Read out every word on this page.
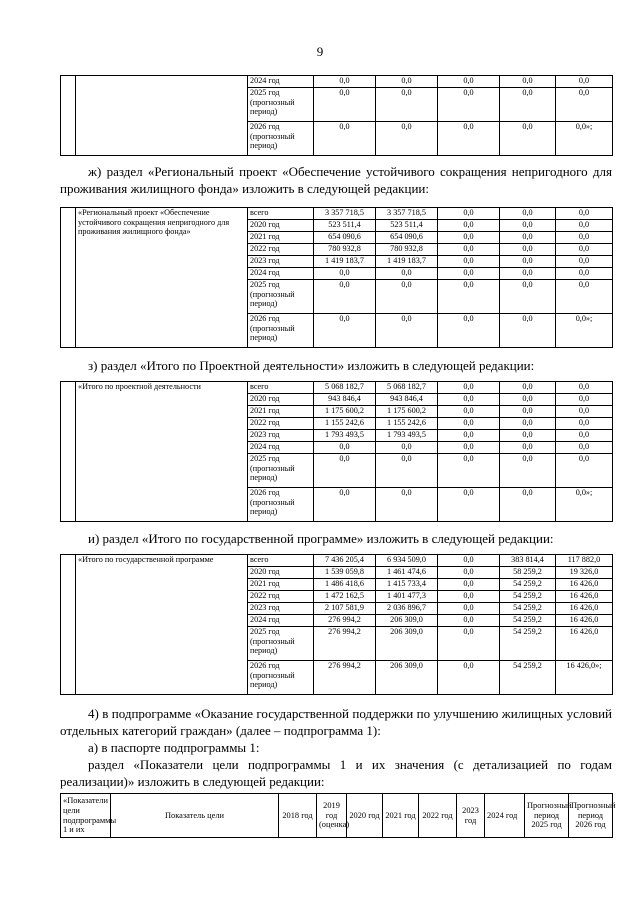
9
		2024 год	0,0	0,0	0,0	0,0	0,0
		2025 год (прогнозный период)	0,0	0,0	0,0	0,0	0,0
		2026 год (прогнозный период)	0,0	0,0	0,0	0,0	0,0»;
ж) раздел «Региональный проект «Обеспечение устойчивого сокращения непригодного для проживания жилищного фонда» изложить в следующей редакции:
	«Региональный проект «Обеспечение устойчивого сокращения непригодного для проживания жилищного фонда»	всего	3 357 718,5	3 357 718,5	0,0	0,0	0,0
		2020 год	523 511,4	523 511,4	0,0	0,0	0,0
		2021 год	654 090,6	654 090,6	0,0	0,0	0,0
		2022 год	780 932,8	780 932,8	0,0	0,0	0,0
		2023 год	1 419 183,7	1 419 183,7	0,0	0,0	0,0
		2024 год	0,0	0,0	0,0	0,0	0,0
		2025 год (прогнозный период)	0,0	0,0	0,0	0,0	0,0
		2026 год (прогнозный период)	0,0	0,0	0,0	0,0	0,0»;
з) раздел «Итого по Проектной деятельности» изложить в следующей редакции:
	«Итого по проектной деятельности	всего	5 068 182,7	5 068 182,7	0,0	0,0	0,0
		2020 год	943 846,4	943 846,4	0,0	0,0	0,0
		2021 год	1 175 600,2	1 175 600,2	0,0	0,0	0,0
		2022 год	1 155 242,6	1 155 242,6	0,0	0,0	0,0
		2023 год	1 793 493,5	1 793 493,5	0,0	0,0	0,0
		2024 год	0,0	0,0	0,0	0,0	0,0
		2025 год (прогнозный период)	0,0	0,0	0,0	0,0	0,0
		2026 год (прогнозный период)	0,0	0,0	0,0	0,0	0,0»;
и) раздел «Итого по государственной программе» изложить в следующей редакции:
	«Итого по государственной программе	всего	7 436 205,4	6 934 509,0	0,0	383 814,4	117 882,0
		2020 год	1 539 059,8	1 461 474,6	0,0	58 259,2	19 326,0
		2021 год	1 486 418,6	1 415 733,4	0,0	54 259,2	16 426,0
		2022 год	1 472 162,5	1 401 477,3	0,0	54 259,2	16 426,0
		2023 год	2 107 581,9	2 036 896,7	0,0	54 259,2	16 426,0
		2024 год	276 994,2	206 309,0	0,0	54 259,2	16 426,0
		2025 год (прогнозный период)	276 994,2	206 309,0	0,0	54 259,2	16 426,0
		2026 год (прогнозный период)	276 994,2	206 309,0	0,0	54 259,2	16 426,0»;
4) в подпрограмме «Оказание государственной поддержки по улучшению жилищных условий отдельных категорий граждан» (далее – подпрограмма 1):
а) в паспорте подпрограммы 1:
раздел «Показатели цели подпрограммы 1 и их значения (с детализацией по годам реализации)» изложить в следующей редакции:
«Показатели цели подпрограммы 1 и их	Показатель цели	2018 год	2019 год (оценка)	2020 год	2021 год	2022 год	2023 год	2024 год	Прогнозный период 2025 год	Прогнозный период 2026 год
